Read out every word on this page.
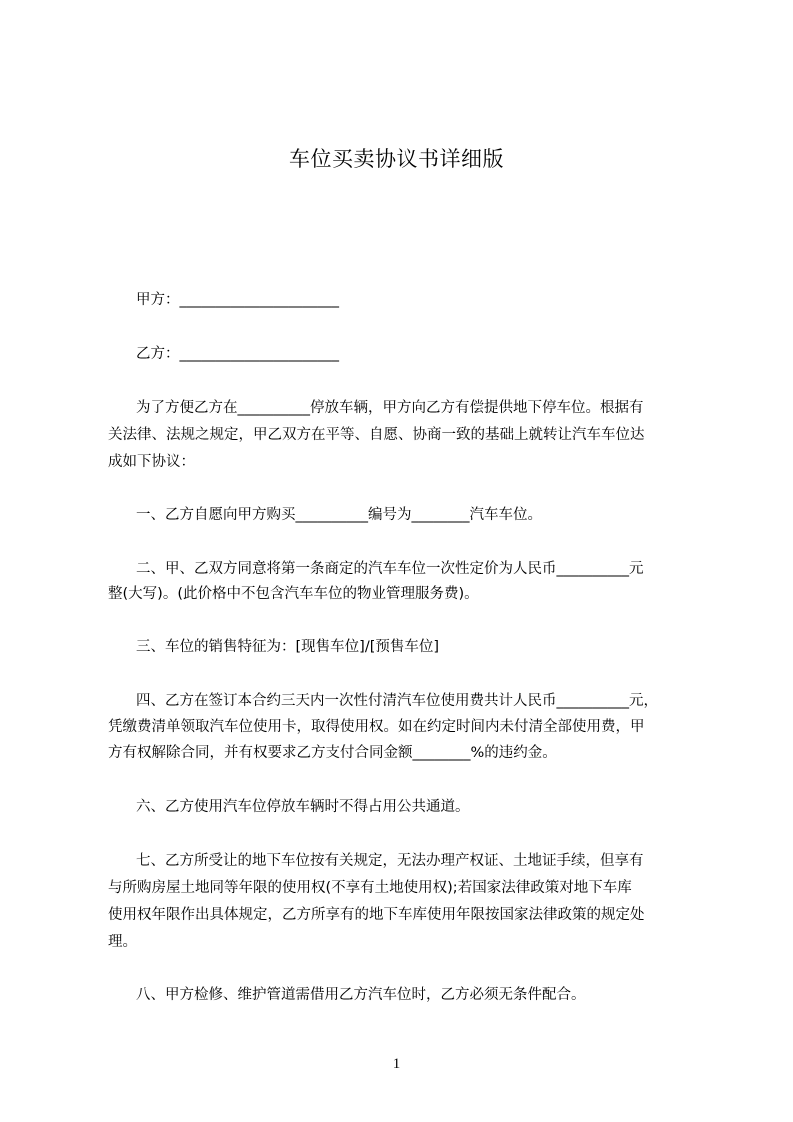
车位买卖协议书详细版
甲方：______________________
乙方：______________________
为了方便乙方在__________停放车辆，甲方向乙方有偿提供地下停车位。根据有
关法律、法规之规定，甲乙双方在平等、自愿、协商一致的基础上就转让汽车车位达
成如下协议：
一、乙方自愿向甲方购买__________编号为________汽车车位。
二、甲、乙双方同意将第一条商定的汽车车位一次性定价为人民币__________元
整(大写)。(此价格中不包含汽车车位的物业管理服务费)。
三、车位的销售特征为：[现售车位]/[预售车位]
四、乙方在签订本合约三天内一次性付清汽车位使用费共计人民币__________元，
凭缴费清单领取汽车位使用卡，取得使用权。如在约定时间内未付清全部使用费，甲
方有权解除合同，并有权要求乙方支付合同金额________%的违约金。
六、乙方使用汽车位停放车辆时不得占用公共通道。
七、乙方所受让的地下车位按有关规定，无法办理产权证、土地证手续，但享有
与所购房屋土地同等年限的使用权(不享有土地使用权);若国家法律政策对地下车库
使用权年限作出具体规定，乙方所享有的地下车库使用年限按国家法律政策的规定处
理。
八、甲方检修、维护管道需借用乙方汽车位时，乙方必须无条件配合。
1
